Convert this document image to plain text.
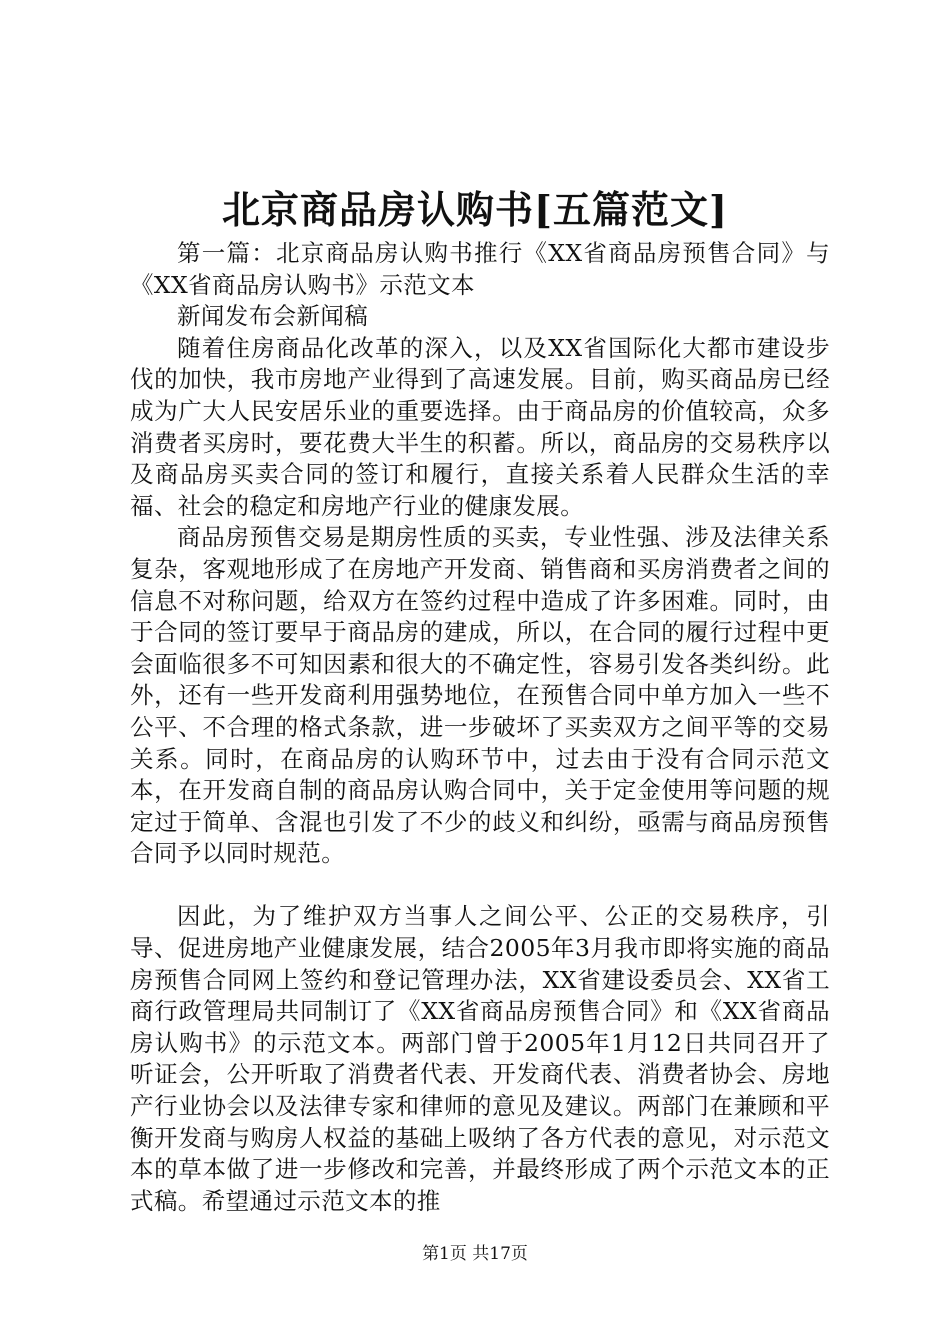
北京商品房认购书[五篇范文]

第一篇：北京商品房认购书推行《XX省商品房预售合同》与《XX省商品房认购书》示范文本

新闻发布会新闻稿

随着住房商品化改革的深入，以及XX省国际化大都市建设步伐的加快，我市房地产业得到了高速发展。目前，购买商品房已经成为广大人民安居乐业的重要选择。由于商品房的价值较高，众多消费者买房时，要花费大半生的积蓄。所以，商品房的交易秩序以及商品房买卖合同的签订和履行，直接关系着人民群众生活的幸福、社会的稳定和房地产行业的健康发展。

商品房预售交易是期房性质的买卖，专业性强、涉及法律关系复杂，客观地形成了在房地产开发商、销售商和买房消费者之间的信息不对称问题，给双方在签约过程中造成了许多困难。同时，由于合同的签订要早于商品房的建成，所以，在合同的履行过程中更会面临很多不可知因素和很大的不确定性，容易引发各类纠纷。此外，还有一些开发商利用强势地位，在预售合同中单方加入一些不公平、不合理的格式条款，进一步破坏了买卖双方之间平等的交易关系。同时，在商品房的认购环节中，过去由于没有合同示范文本，在开发商自制的商品房认购合同中，关于定金使用等问题的规定过于简单、含混也引发了不少的歧义和纠纷，亟需与商品房预售合同予以同时规范。

因此，为了维护双方当事人之间公平、公正的交易秩序，引导、促进房地产业健康发展，结合2005年3月我市即将实施的商品房预售合同网上签约和登记管理办法，XX省建设委员会、XX省工商行政管理局共同制订了《XX省商品房预售合同》和《XX省商品房认购书》的示范文本。两部门曾于2005年1月12日共同召开了听证会，公开听取了消费者代表、开发商代表、消费者协会、房地产行业协会以及法律专家和律师的意见及建议。两部门在兼顾和平衡开发商与购房人权益的基础上吸纳了各方代表的意见，对示范文本的草本做了进一步修改和完善，并最终形成了两个示范文本的正式稿。希望通过示范文本的推

第1页 共17页
